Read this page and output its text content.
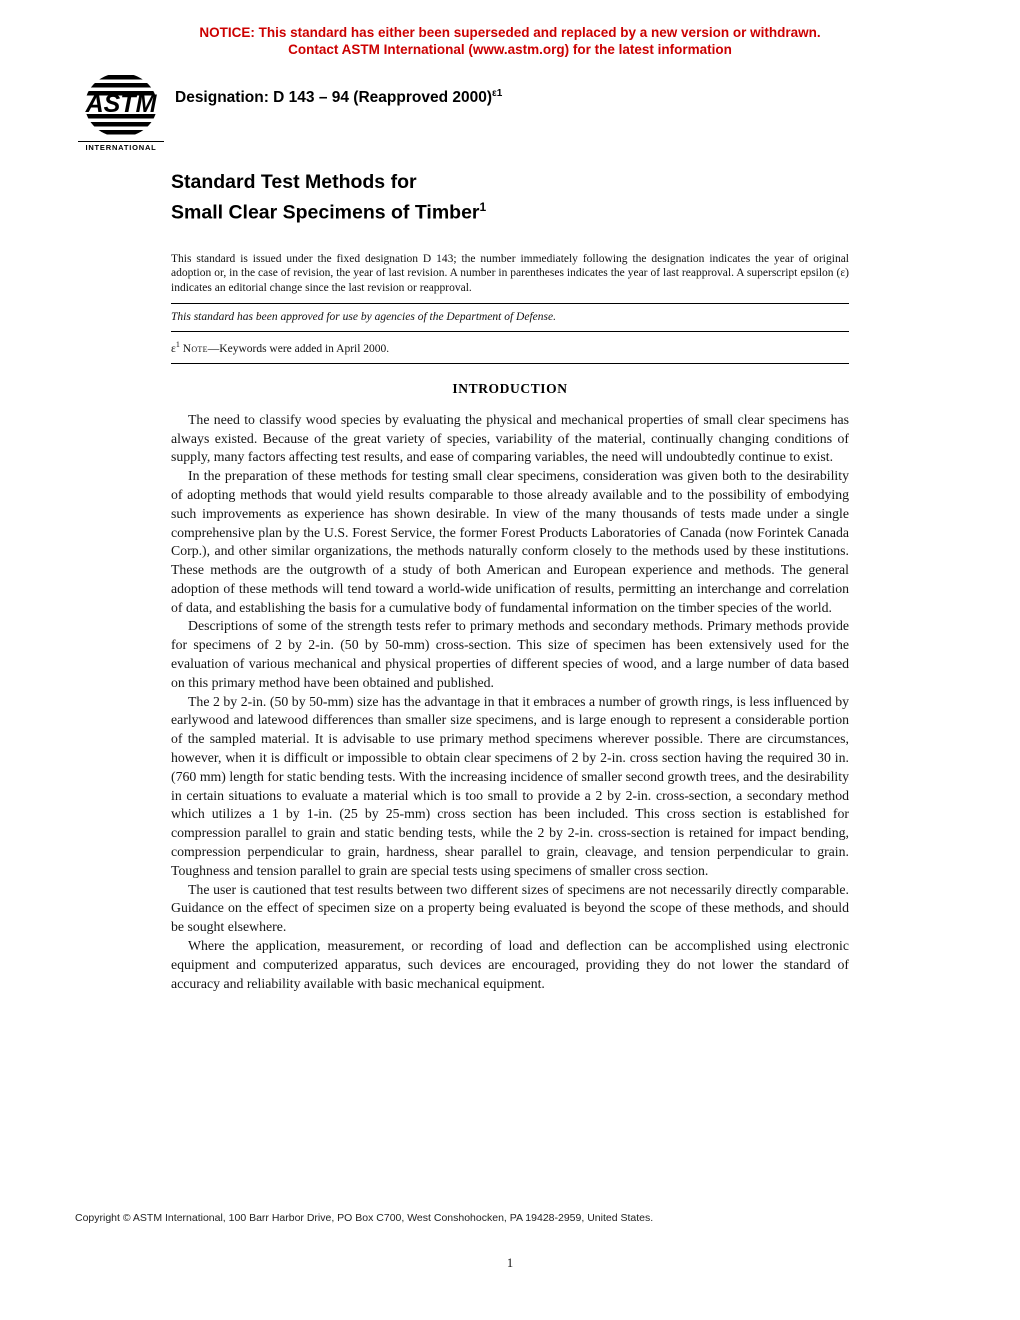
NOTICE: This standard has either been superseded and replaced by a new version or withdrawn.
Contact ASTM International (www.astm.org) for the latest information
ASTM
INTERNATIONAL
Designation: D 143 – 94 (Reapproved 2000)$^{\varepsilon 1}$
Standard Test Methods for
Small Clear Specimens of Timber$^1$

This standard is issued under the fixed designation D 143; the number immediately following the designation indicates the year of original adoption or, in the case of revision, the year of last revision. A number in parentheses indicates the year of last reapproval. A superscript epsilon (ε) indicates an editorial change since the last revision or reapproval.

This standard has been approved for use by agencies of the Department of Defense.

$\varepsilon^1$ Note—Keywords were added in April 2000.

INTRODUCTION

The need to classify wood species by evaluating the physical and mechanical properties of small clear specimens has always existed. Because of the great variety of species, variability of the material, continually changing conditions of supply, many factors affecting test results, and ease of comparing variables, the need will undoubtedly continue to exist.

In the preparation of these methods for testing small clear specimens, consideration was given both to the desirability of adopting methods that would yield results comparable to those already available and to the possibility of embodying such improvements as experience has shown desirable. In view of the many thousands of tests made under a single comprehensive plan by the U.S. Forest Service, the former Forest Products Laboratories of Canada (now Forintek Canada Corp.), and other similar organizations, the methods naturally conform closely to the methods used by these institutions. These methods are the outgrowth of a study of both American and European experience and methods. The general adoption of these methods will tend toward a world-wide unification of results, permitting an interchange and correlation of data, and establishing the basis for a cumulative body of fundamental information on the timber species of the world.

Descriptions of some of the strength tests refer to primary methods and secondary methods. Primary methods provide for specimens of 2 by 2-in. (50 by 50-mm) cross-section. This size of specimen has been extensively used for the evaluation of various mechanical and physical properties of different species of wood, and a large number of data based on this primary method have been obtained and published.

The 2 by 2-in. (50 by 50-mm) size has the advantage in that it embraces a number of growth rings, is less influenced by earlywood and latewood differences than smaller size specimens, and is large enough to represent a considerable portion of the sampled material. It is advisable to use primary method specimens wherever possible. There are circumstances, however, when it is difficult or impossible to obtain clear specimens of 2 by 2-in. cross section having the required 30 in. (760 mm) length for static bending tests. With the increasing incidence of smaller second growth trees, and the desirability in certain situations to evaluate a material which is too small to provide a 2 by 2-in. cross-section, a secondary method which utilizes a 1 by 1-in. (25 by 25-mm) cross section has been included. This cross section is established for compression parallel to grain and static bending tests, while the 2 by 2-in. cross-section is retained for impact bending, compression perpendicular to grain, hardness, shear parallel to grain, cleavage, and tension perpendicular to grain. Toughness and tension parallel to grain are special tests using specimens of smaller cross section.

The user is cautioned that test results between two different sizes of specimens are not necessarily directly comparable. Guidance on the effect of specimen size on a property being evaluated is beyond the scope of these methods, and should be sought elsewhere.

Where the application, measurement, or recording of load and deflection can be accomplished using electronic equipment and computerized apparatus, such devices are encouraged, providing they do not lower the standard of accuracy and reliability available with basic mechanical equipment.

Copyright © ASTM International, 100 Barr Harbor Drive, PO Box C700, West Conshohocken, PA 19428-2959, United States.
1
